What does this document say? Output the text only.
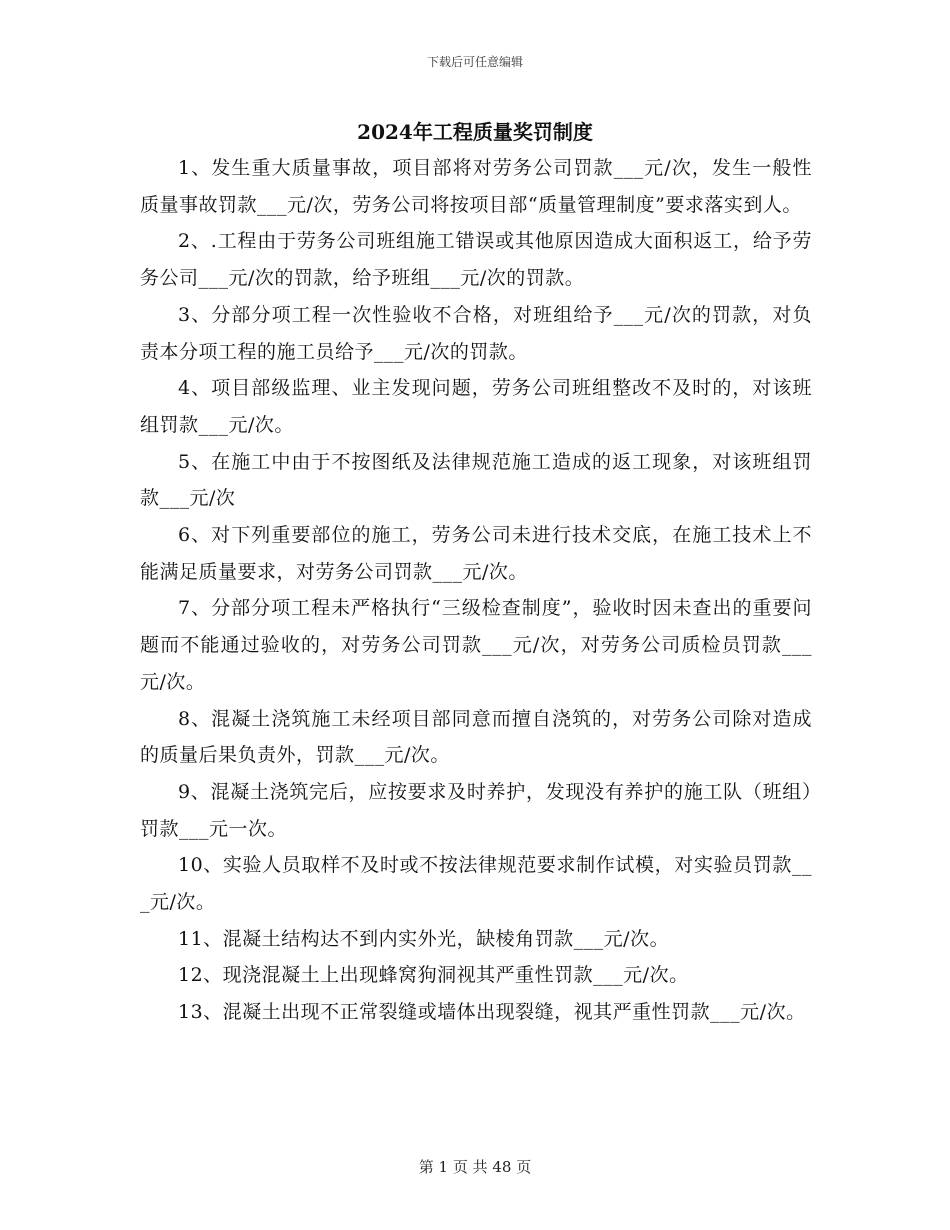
下载后可任意编辑
2024年工程质量奖罚制度

1、发生重大质量事故，项目部将对劳务公司罚款___元/次，发生一般性质量事故罚款___元/次，劳务公司将按项目部“质量管理制度”要求落实到人。

2、.工程由于劳务公司班组施工错误或其他原因造成大面积返工，给予劳务公司___元/次的罚款，给予班组___元/次的罚款。

3、分部分项工程一次性验收不合格，对班组给予___元/次的罚款，对负责本分项工程的施工员给予___元/次的罚款。

4、项目部级监理、业主发现问题，劳务公司班组整改不及时的，对该班组罚款___元/次。

5、在施工中由于不按图纸及法律规范施工造成的返工现象，对该班组罚款___元/次

6、对下列重要部位的施工，劳务公司未进行技术交底，在施工技术上不能满足质量要求，对劳务公司罚款___元/次。

7、分部分项工程未严格执行“三级检查制度”，验收时因未查出的重要问题而不能通过验收的，对劳务公司罚款___元/次，对劳务公司质检员罚款___元/次。

8、混凝土浇筑施工未经项目部同意而擅自浇筑的，对劳务公司除对造成的质量后果负责外，罚款___元/次。

9、混凝土浇筑完后，应按要求及时养护，发现没有养护的施工队（班组）罚款___元一次。

10、实验人员取样不及时或不按法律规范要求制作试模，对实验员罚款___元/次。

11、混凝土结构达不到内实外光，缺棱角罚款___元/次。

12、现浇混凝土上出现蜂窝狗洞视其严重性罚款___元/次。

13、混凝土出现不正常裂缝或墙体出现裂缝，视其严重性罚款___元/次。

第 1 页 共 48 页
